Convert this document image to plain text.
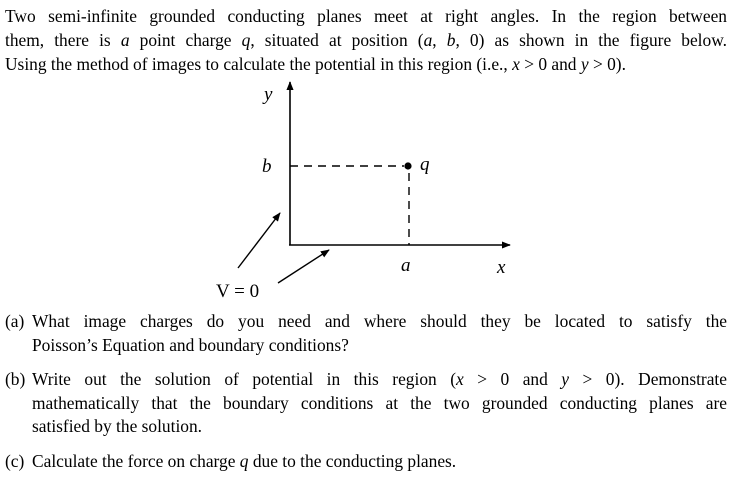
Two semi-infinite grounded conducting planes meet at right angles. In the region between
them, there is a point charge q, situated at position (a, b, 0) as shown in the figure below.
Using the method of images to calculate the potential in this region (i.e., x > 0 and y > 0).
y
b	q
a	x
V = 0
(a) What image charges do you need and where should they be located to satisfy the
Poisson’s Equation and boundary conditions?
(b) Write out the solution of potential in this region (x > 0 and y > 0). Demonstrate
mathematically that the boundary conditions at the two grounded conducting planes are
satisfied by the solution.
(c) Calculate the force on charge q due to the conducting planes.
